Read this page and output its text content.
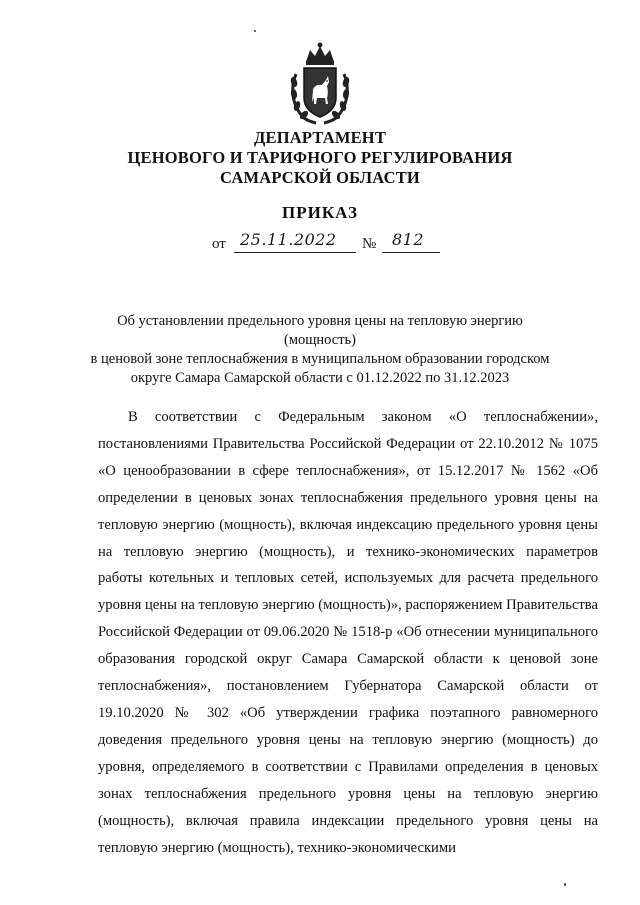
ДЕПАРТАМЕНТ
ЦЕНОВОГО И ТАРИФНОГО РЕГУЛИРОВАНИЯ
САМАРСКОЙ ОБЛАСТИ
ПРИКАЗ
от 25.11.2022 № 812
Об установлении предельного уровня цены на тепловую энергию (мощность)
в ценовой зоне теплоснабжения в муниципальном образовании городском
округе Самара Самарской области с 01.12.2022 по 31.12.2023
В соответствии с Федеральным законом «О теплоснабжении», постановлениями Правительства Российской Федерации от 22.10.2012 № 1075 «О ценообразовании в сфере теплоснабжения», от 15.12.2017 № 1562 «Об определении в ценовых зонах теплоснабжения предельного уровня цены на тепловую энергию (мощность), включая индексацию предельного уровня цены на тепловую энергию (мощность), и технико-экономических параметров работы котельных и тепловых сетей, используемых для расчета предельного уровня цены на тепловую энергию (мощность)», распоряжением Правительства Российской Федерации от 09.06.2020 № 1518-р «Об отнесении муниципального образования городской округ Самара Самарской области к ценовой зоне теплоснабжения», постановлением Губернатора Самарской области от 19.10.2020 № 302 «Об утверждении графика поэтапного равномерного доведения предельного уровня цены на тепловую энергию (мощность) до уровня, определяемого в соответствии с Правилами определения в ценовых зонах теплоснабжения предельного уровня цены на тепловую энергию (мощность), включая правила индексации предельного уровня цены на тепловую энергию (мощность), технико-экономическими
